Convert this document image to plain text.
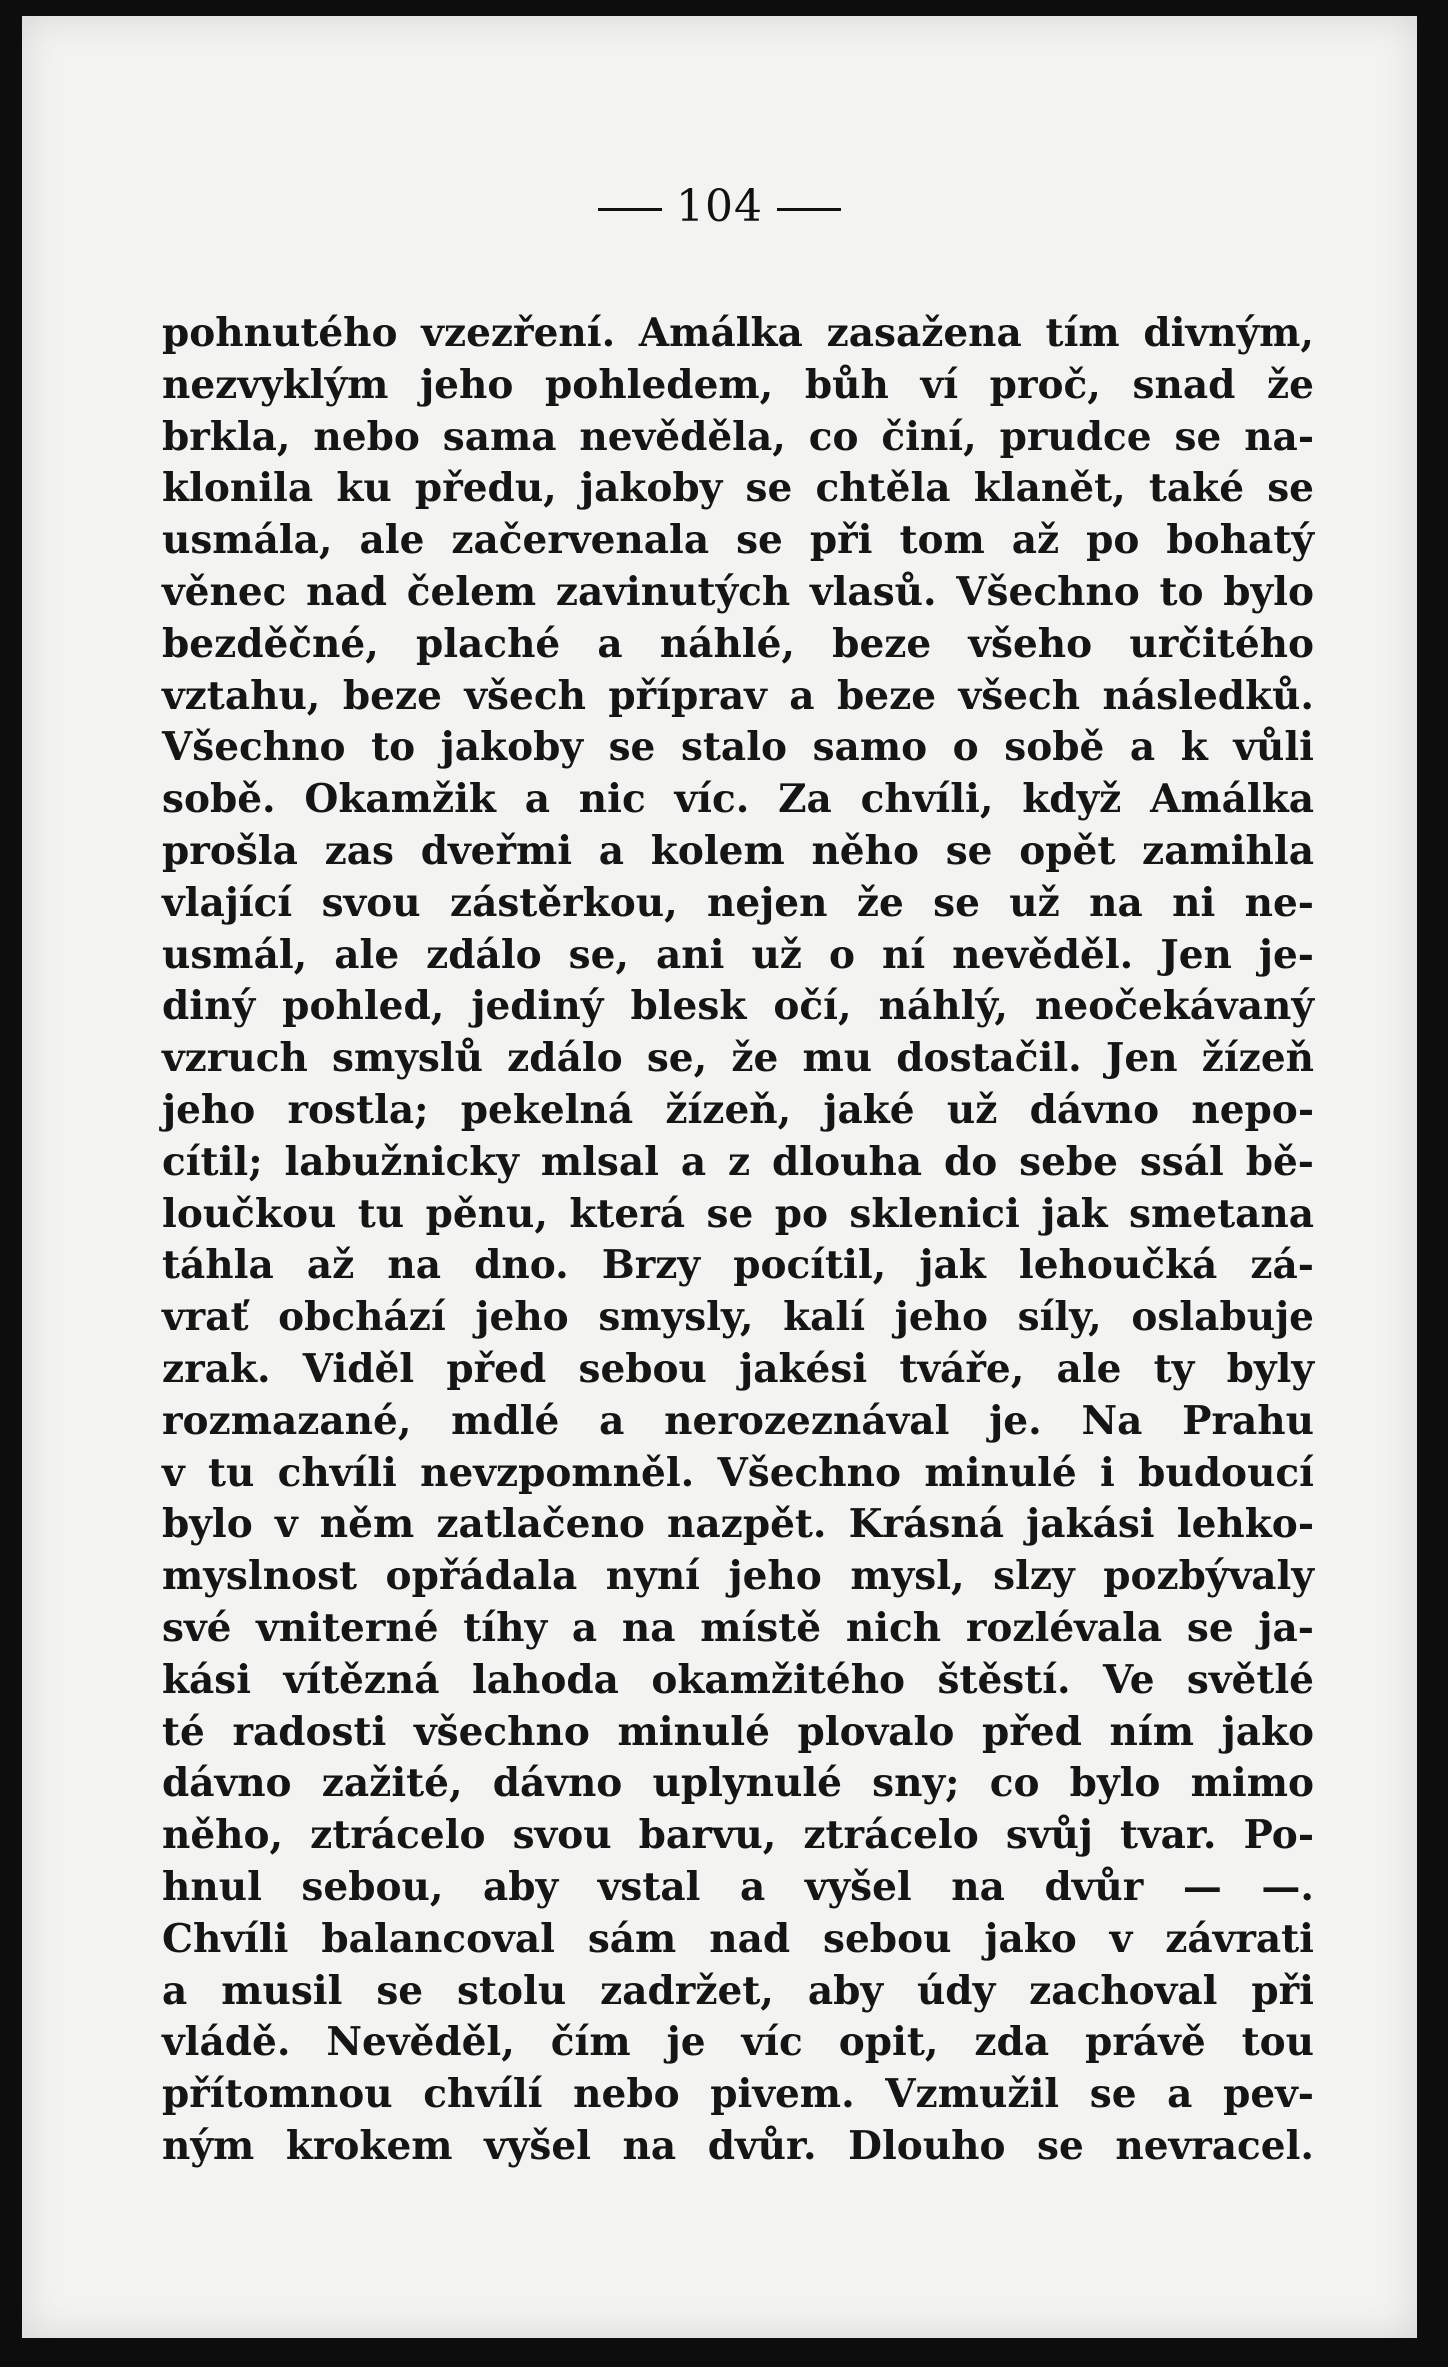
104
pohnutého vzezření. Amálka zasažena tím divným,
nezvyklým jeho pohledem, bůh ví proč, snad že
brkla, nebo sama nevěděla, co činí, prudce se na-
klonila ku předu, jakoby se chtěla klanět, také se
usmála, ale začervenala se při tom až po bohatý
věnec nad čelem zavinutých vlasů. Všechno to bylo
bezděčné, plaché a náhlé, beze všeho určitého
vztahu, beze všech příprav a beze všech následků.
Všechno to jakoby se stalo samo o sobě a k vůli
sobě. Okamžik a nic víc. Za chvíli, když Amálka
prošla zas dveřmi a kolem něho se opět zamihla
vlající svou zástěrkou, nejen že se už na ni ne-
usmál, ale zdálo se, ani už o ní nevěděl. Jen je-
diný pohled, jediný blesk očí, náhlý, neočekávaný
vzruch smyslů zdálo se, že mu dostačil. Jen žízeň
jeho rostla; pekelná žízeň, jaké už dávno nepo-
cítil; labužnicky mlsal a z dlouha do sebe ssál bě-
loučkou tu pěnu, která se po sklenici jak smetana
táhla až na dno. Brzy pocítil, jak lehoučká zá-
vrať obchází jeho smysly, kalí jeho síly, oslabuje
zrak. Viděl před sebou jakési tváře, ale ty byly
rozmazané, mdlé a nerozeznával je. Na Prahu
v tu chvíli nevzpomněl. Všechno minulé i budoucí
bylo v něm zatlačeno nazpět. Krásná jakási lehko-
myslnost opřádala nyní jeho mysl, slzy pozbývaly
své vniterné tíhy a na místě nich rozlévala se ja-
kási vítězná lahoda okamžitého štěstí. Ve světlé
té radosti všechno minulé plovalo před ním jako
dávno zažité, dávno uplynulé sny; co bylo mimo
něho, ztrácelo svou barvu, ztrácelo svůj tvar. Po-
hnul sebou, aby vstal a vyšel na dvůr — —.
Chvíli balancoval sám nad sebou jako v závrati
a musil se stolu zadržet, aby údy zachoval při
vládě. Nevěděl, čím je víc opit, zda právě tou
přítomnou chvílí nebo pivem. Vzmužil se a pev-
ným krokem vyšel na dvůr. Dlouho se nevracel.
